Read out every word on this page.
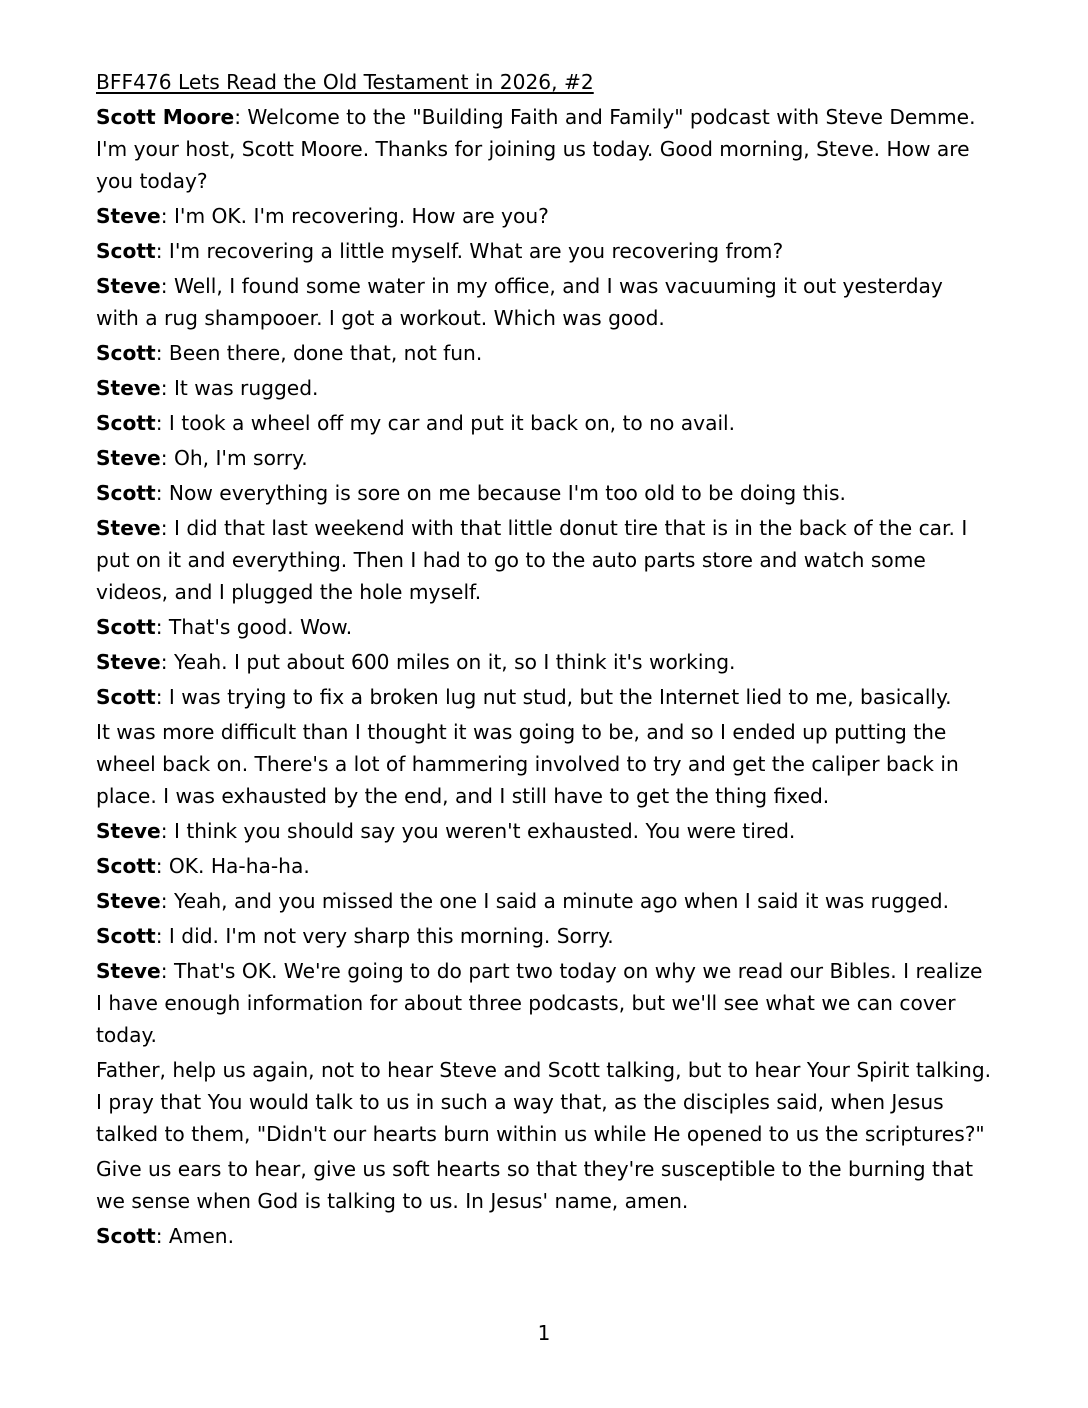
BFF476 Lets Read the Old Testament in 2026, #2

Scott Moore: Welcome to the "Building Faith and Family" podcast with Steve Demme. I'm your host, Scott Moore. Thanks for joining us today. Good morning, Steve. How are you today?

Steve: I'm OK. I'm recovering. How are you?

Scott: I'm recovering a little myself. What are you recovering from?

Steve: Well, I found some water in my office, and I was vacuuming it out yesterday with a rug shampooer. I got a workout. Which was good.

Scott: Been there, done that, not fun.

Steve: It was rugged.

Scott: I took a wheel off my car and put it back on, to no avail.

Steve: Oh, I'm sorry.

Scott: Now everything is sore on me because I'm too old to be doing this.

Steve: I did that last weekend with that little donut tire that is in the back of the car. I put on it and everything. Then I had to go to the auto parts store and watch some videos, and I plugged the hole myself.

Scott: That's good. Wow.

Steve: Yeah. I put about 600 miles on it, so I think it's working.

Scott: I was trying to fix a broken lug nut stud, but the Internet lied to me, basically.

It was more difficult than I thought it was going to be, and so I ended up putting the wheel back on. There's a lot of hammering involved to try and get the caliper back in place. I was exhausted by the end, and I still have to get the thing fixed.

Steve: I think you should say you weren't exhausted. You were tired.

Scott: OK. Ha-ha-ha.

Steve: Yeah, and you missed the one I said a minute ago when I said it was rugged.

Scott: I did. I'm not very sharp this morning. Sorry.

Steve: That's OK. We're going to do part two today on why we read our Bibles. I realize I have enough information for about three podcasts, but we'll see what we can cover today.

Father, help us again, not to hear Steve and Scott talking, but to hear Your Spirit talking. I pray that You would talk to us in such a way that, as the disciples said, when Jesus talked to them, "Didn't our hearts burn within us while He opened to us the scriptures?"

Give us ears to hear, give us soft hearts so that they're susceptible to the burning that we sense when God is talking to us. In Jesus' name, amen.

Scott: Amen.

1
